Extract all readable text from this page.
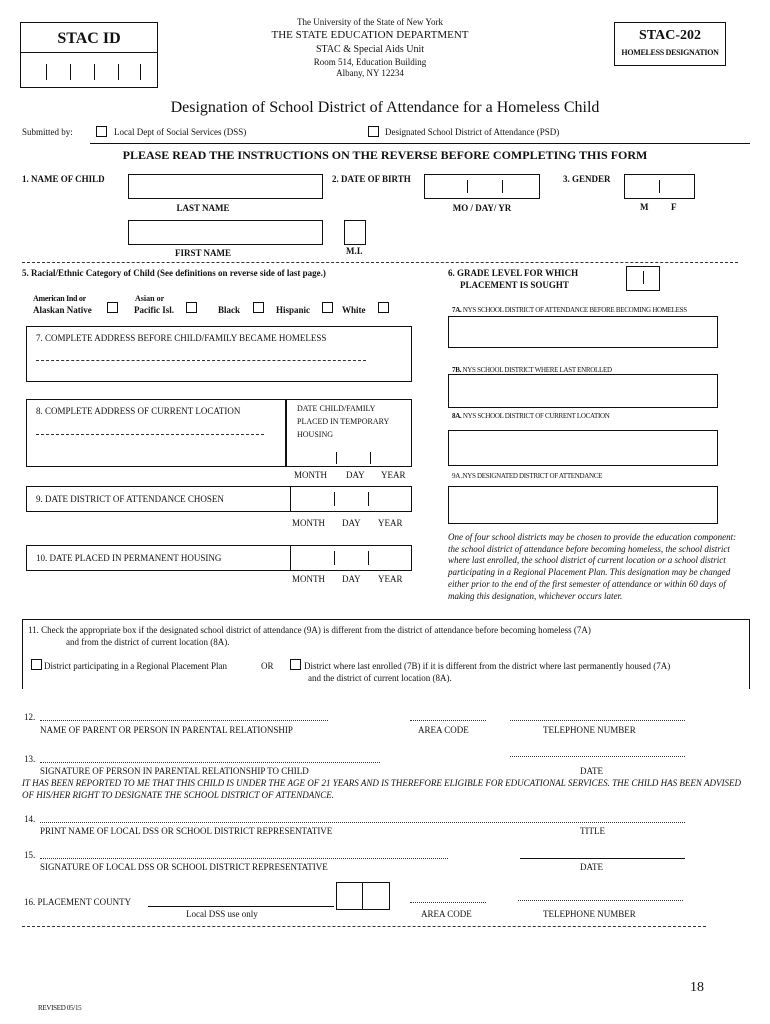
STAC ID
The University of the State of New York
THE STATE EDUCATION DEPARTMENT
STAC & Special Aids Unit
Room 514, Education Building
Albany, NY 12234
STAC-202
HOMELESS DESIGNATION
Designation of School District of Attendance for a Homeless Child
Submitted by:	Local Dept of Social Services (DSS)	Designated School District of Attendance (PSD)
PLEASE READ THE INSTRUCTIONS ON THE REVERSE BEFORE COMPLETING THIS FORM
1. NAME OF CHILD
LAST NAME
2. DATE OF BIRTH
MO / DAY/ YR
3. GENDER
M	F
FIRST NAME	M.I.
5. Racial/Ethnic Category of Child (See definitions on reverse side of last page.)	6. GRADE LEVEL FOR WHICH
PLACEMENT IS SOUGHT
American Ind or
Alaskan Native
Asian or
Pacific Isl.	Black	Hispanic	White	7A. NYS SCHOOL DISTRICT OF ATTENDANCE BEFORE BECOMING HOMELESS
7B. NYS SCHOOL DISTRICT WHERE LAST ENROLLED
8A. NYS SCHOOL DISTRICT OF CURRENT LOCATION
9A .NYS DESIGNATED DISTRICT OF ATTENDANCE
One of four school districts may be chosen to provide the education component: the school district of attendance before becoming homeless, the school district where last enrolled, the school district of current location or a school district participating in a Regional Placement Plan. This designation may be changed either prior to the end of the first semester of attendance or within 60 days of making this designation, whichever occurs later.
7. COMPLETE ADDRESS BEFORE CHILD/FAMILY BECAME HOMELESS
8. COMPLETE ADDRESS OF CURRENT LOCATION	DATE CHILD/FAMILY
PLACED IN TEMPORARY
HOUSING
MONTH DAY YEAR
9. DATE DISTRICT OF ATTENDANCE CHOSEN
MONTH DAY YEAR
10. DATE PLACED IN PERMANENT HOUSING
MONTH DAY YEAR
11. Check the appropriate box if the designated school district of attendance (9A) is different from the district of attendance before becoming homeless (7A)
and from the district of current location (8A).
District participating in a Regional Placement Plan	OR	District where last enrolled (7B) if it is different from the district where last permanently housed (7A)
and the district of current location (8A).
12.
NAME OF PARENT OR PERSON IN PARENTAL RELATIONSHIP	AREA CODE	TELEPHONE NUMBER
13.
SIGNATURE OF PERSON IN PARENTAL RELATIONSHIP TO CHILD	DATE
IT HAS BEEN REPORTED TO ME THAT THIS CHILD IS UNDER THE AGE OF 21 YEARS AND IS THEREFORE ELIGIBLE FOR EDUCATIONAL SERVICES. THE CHILD HAS BEEN ADVISED OF HIS/HER RIGHT TO DESIGNATE THE SCHOOL DISTRICT OF ATTENDANCE.
14.
PRINT NAME OF LOCAL DSS OR SCHOOL DISTRICT REPRESENTATIVE	TITLE
15.
SIGNATURE OF LOCAL DSS OR SCHOOL DISTRICT REPRESENTATIVE	DATE
16. PLACEMENT COUNTY
Local DSS use only	AREA CODE	TELEPHONE NUMBER
18
REVISED 05/15
